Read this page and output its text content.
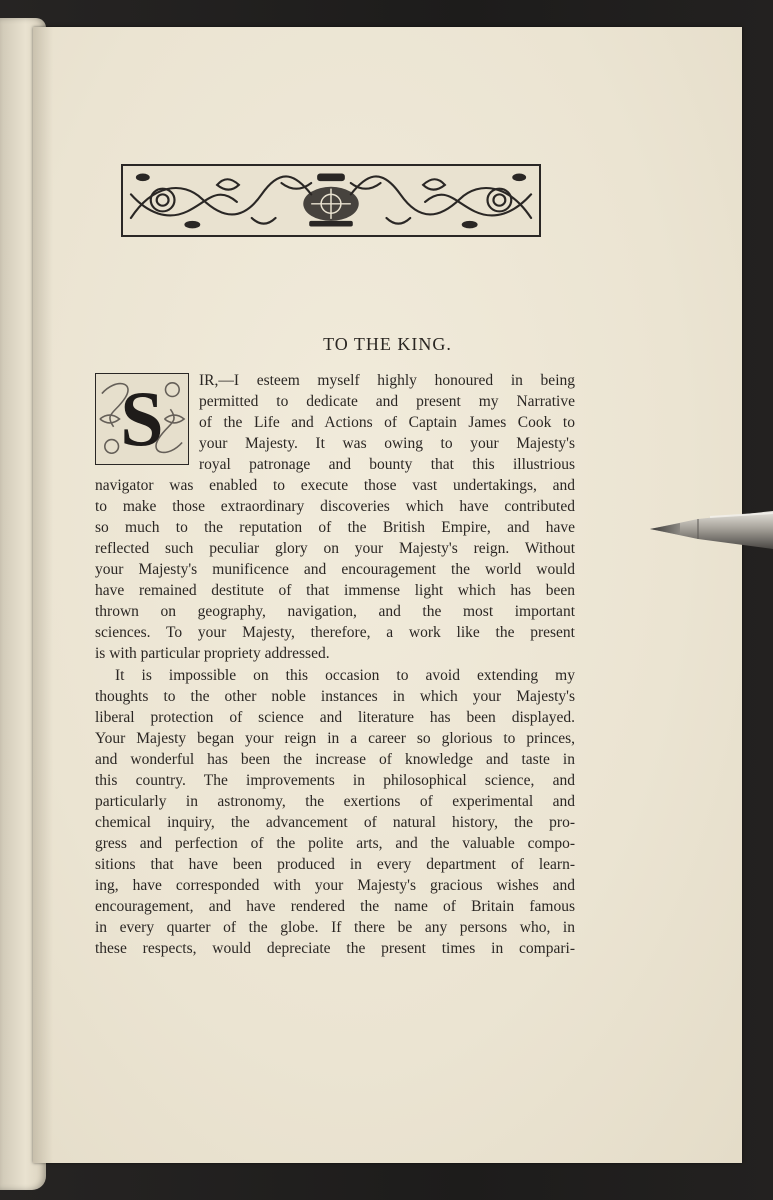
TO THE KING.
S	IR,—I esteem myself highly honoured in being

permitted to dedicate and present my Narrative

of the Life and Actions of Captain James Cook to

your Majesty. It was owing to your Majesty's

royal patronage and bounty that this illustrious

navigator was enabled to execute those vast undertakings, and

to make those extraordinary discoveries which have contributed

so much to the reputation of the British Empire, and have

reflected such peculiar glory on your Majesty's reign. Without

your Majesty's munificence and encouragement the world would

have remained destitute of that immense light which has been

thrown on geography, navigation, and the most important

sciences. To your Majesty, therefore, a work like the present

is with particular propriety addressed.

It is impossible on this occasion to avoid extending my

thoughts to the other noble instances in which your Majesty's

liberal protection of science and literature has been displayed.

Your Majesty began your reign in a career so glorious to princes,

and wonderful has been the increase of knowledge and taste in

this country. The improvements in philosophical science, and

particularly in astronomy, the exertions of experimental and

chemical inquiry, the advancement of natural history, the pro-

gress and perfection of the polite arts, and the valuable compo-

sitions that have been produced in every department of learn-

ing, have corresponded with your Majesty's gracious wishes and

encouragement, and have rendered the name of Britain famous

in every quarter of the globe. If there be any persons who, in

these respects, would depreciate the present times in compari-
